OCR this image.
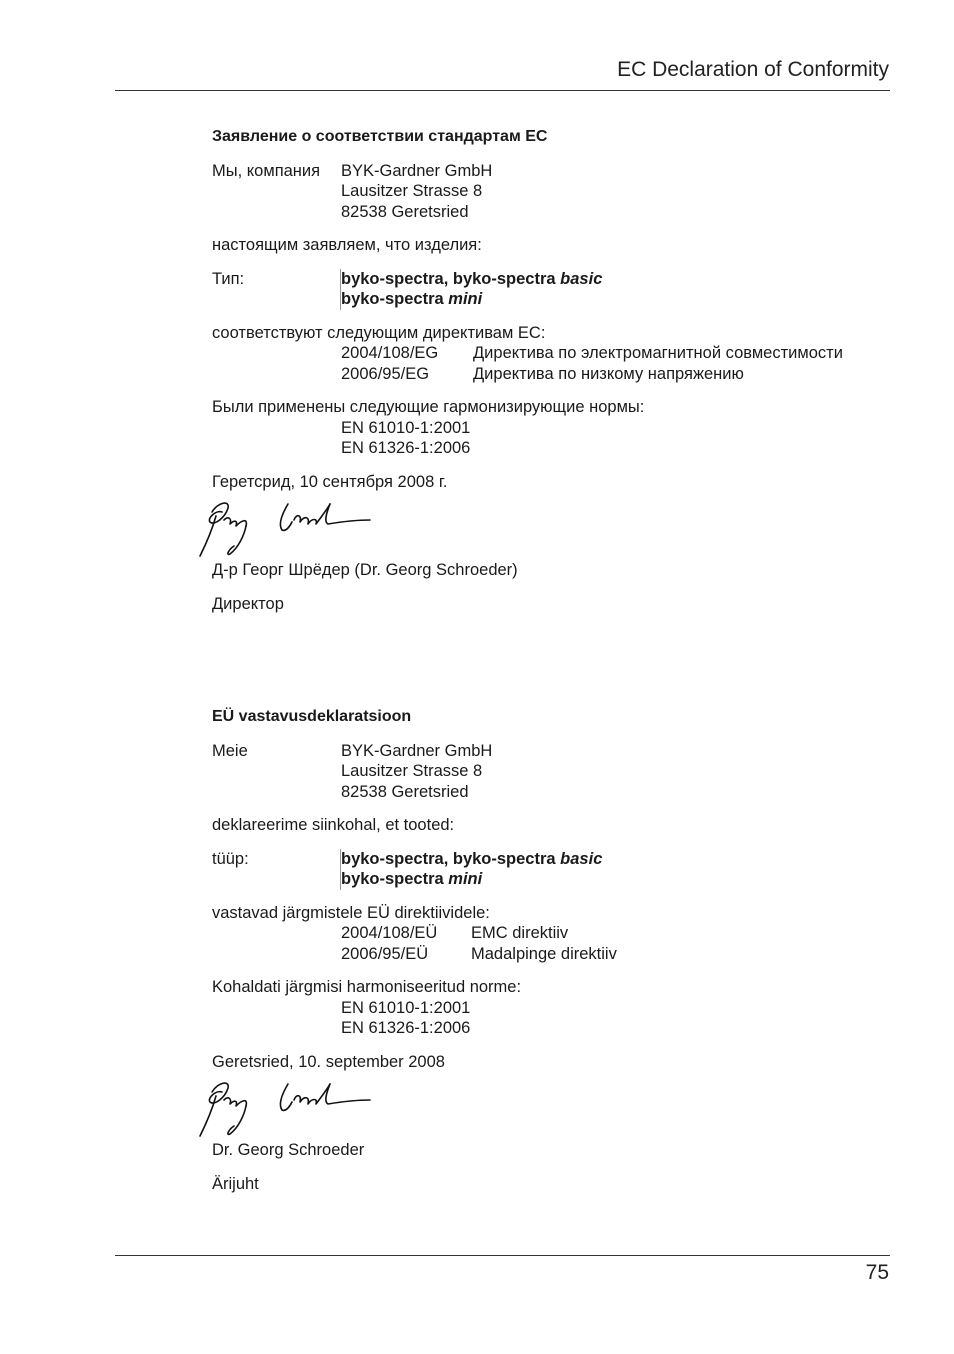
EC Declaration of Conformity
Заявление о соответствии стандартам ЕС
Мы, компания	BYK-Gardner GmbH
Lausitzer Strasse 8
82538 Geretsried
настоящим заявляем, что изделия:
Тип:	byko-spectra, byko-spectra basic
byko-spectra mini
соответствуют следующим директивам ЕС:
2004/108/EG	Директива по электромагнитной совместимости
2006/95/EG	Директива по низкому напряжению
Были применены следующие гармонизирующие нормы:
EN 61010-1:2001
EN 61326-1:2006
Геретсрид, 10 сентября 2008 г.
Д-р Георг Шрёдер (Dr. Georg Schroeder)
Директор
EÜ vastavusdeklaratsioon
Meie	BYK-Gardner GmbH
Lausitzer Strasse 8
82538 Geretsried
deklareerime siinkohal, et tooted:
tüüp:	byko-spectra, byko-spectra basic
byko-spectra mini
vastavad järgmistele EÜ direktiividele:
2004/108/EÜ	EMC direktiiv
2006/95/EÜ	Madalpinge direktiiv
Kohaldati järgmisi harmoniseeritud norme:
EN 61010-1:2001
EN 61326-1:2006
Geretsried, 10. september 2008
Dr. Georg Schroeder
Ärijuht
75
